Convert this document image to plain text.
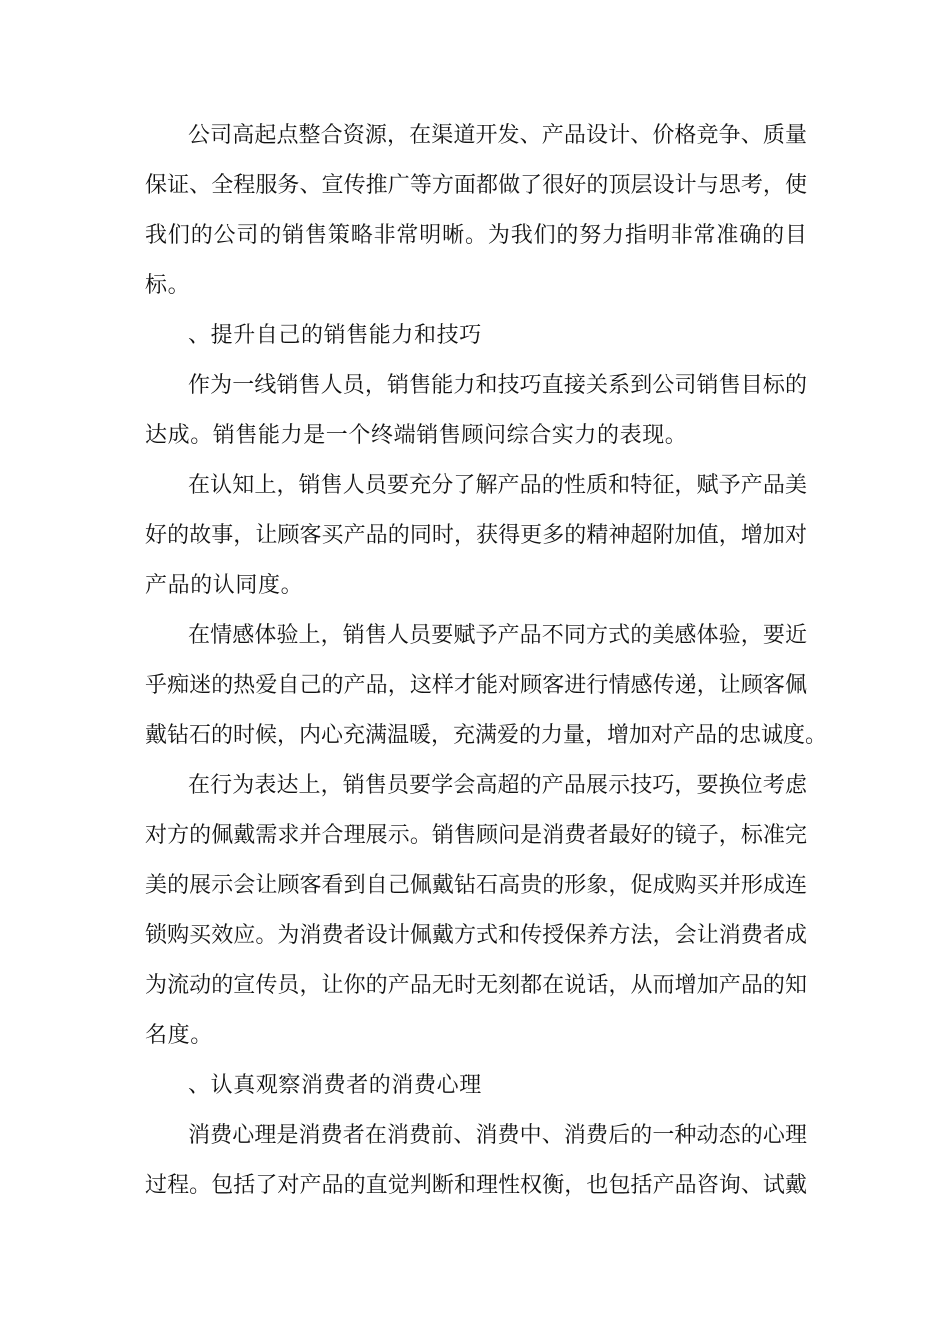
公司高起点整合资源，在渠道开发、产品设计、价格竞争、质量
保证、全程服务、宣传推广等方面都做了很好的顶层设计与思考，使
我们的公司的销售策略非常明晰。为我们的努力指明非常准确的目
标。
、提升自己的销售能力和技巧
作为一线销售人员，销售能力和技巧直接关系到公司销售目标的
达成。销售能力是一个终端销售顾问综合实力的表现。
在认知上，销售人员要充分了解产品的性质和特征，赋予产品美
好的故事，让顾客买产品的同时，获得更多的精神超附加值，增加对
产品的认同度。
在情感体验上，销售人员要赋予产品不同方式的美感体验，要近
乎痴迷的热爱自己的产品，这样才能对顾客进行情感传递，让顾客佩
戴钻石的时候，内心充满温暖，充满爱的力量，增加对产品的忠诚度。
在行为表达上，销售员要学会高超的产品展示技巧，要换位考虑
对方的佩戴需求并合理展示。销售顾问是消费者最好的镜子，标准完
美的展示会让顾客看到自己佩戴钻石高贵的形象，促成购买并形成连
锁购买效应。为消费者设计佩戴方式和传授保养方法，会让消费者成
为流动的宣传员，让你的产品无时无刻都在说话，从而增加产品的知
名度。
、认真观察消费者的消费心理
消费心理是消费者在消费前、消费中、消费后的一种动态的心理
过程。包括了对产品的直觉判断和理性权衡，也包括产品咨询、试戴
